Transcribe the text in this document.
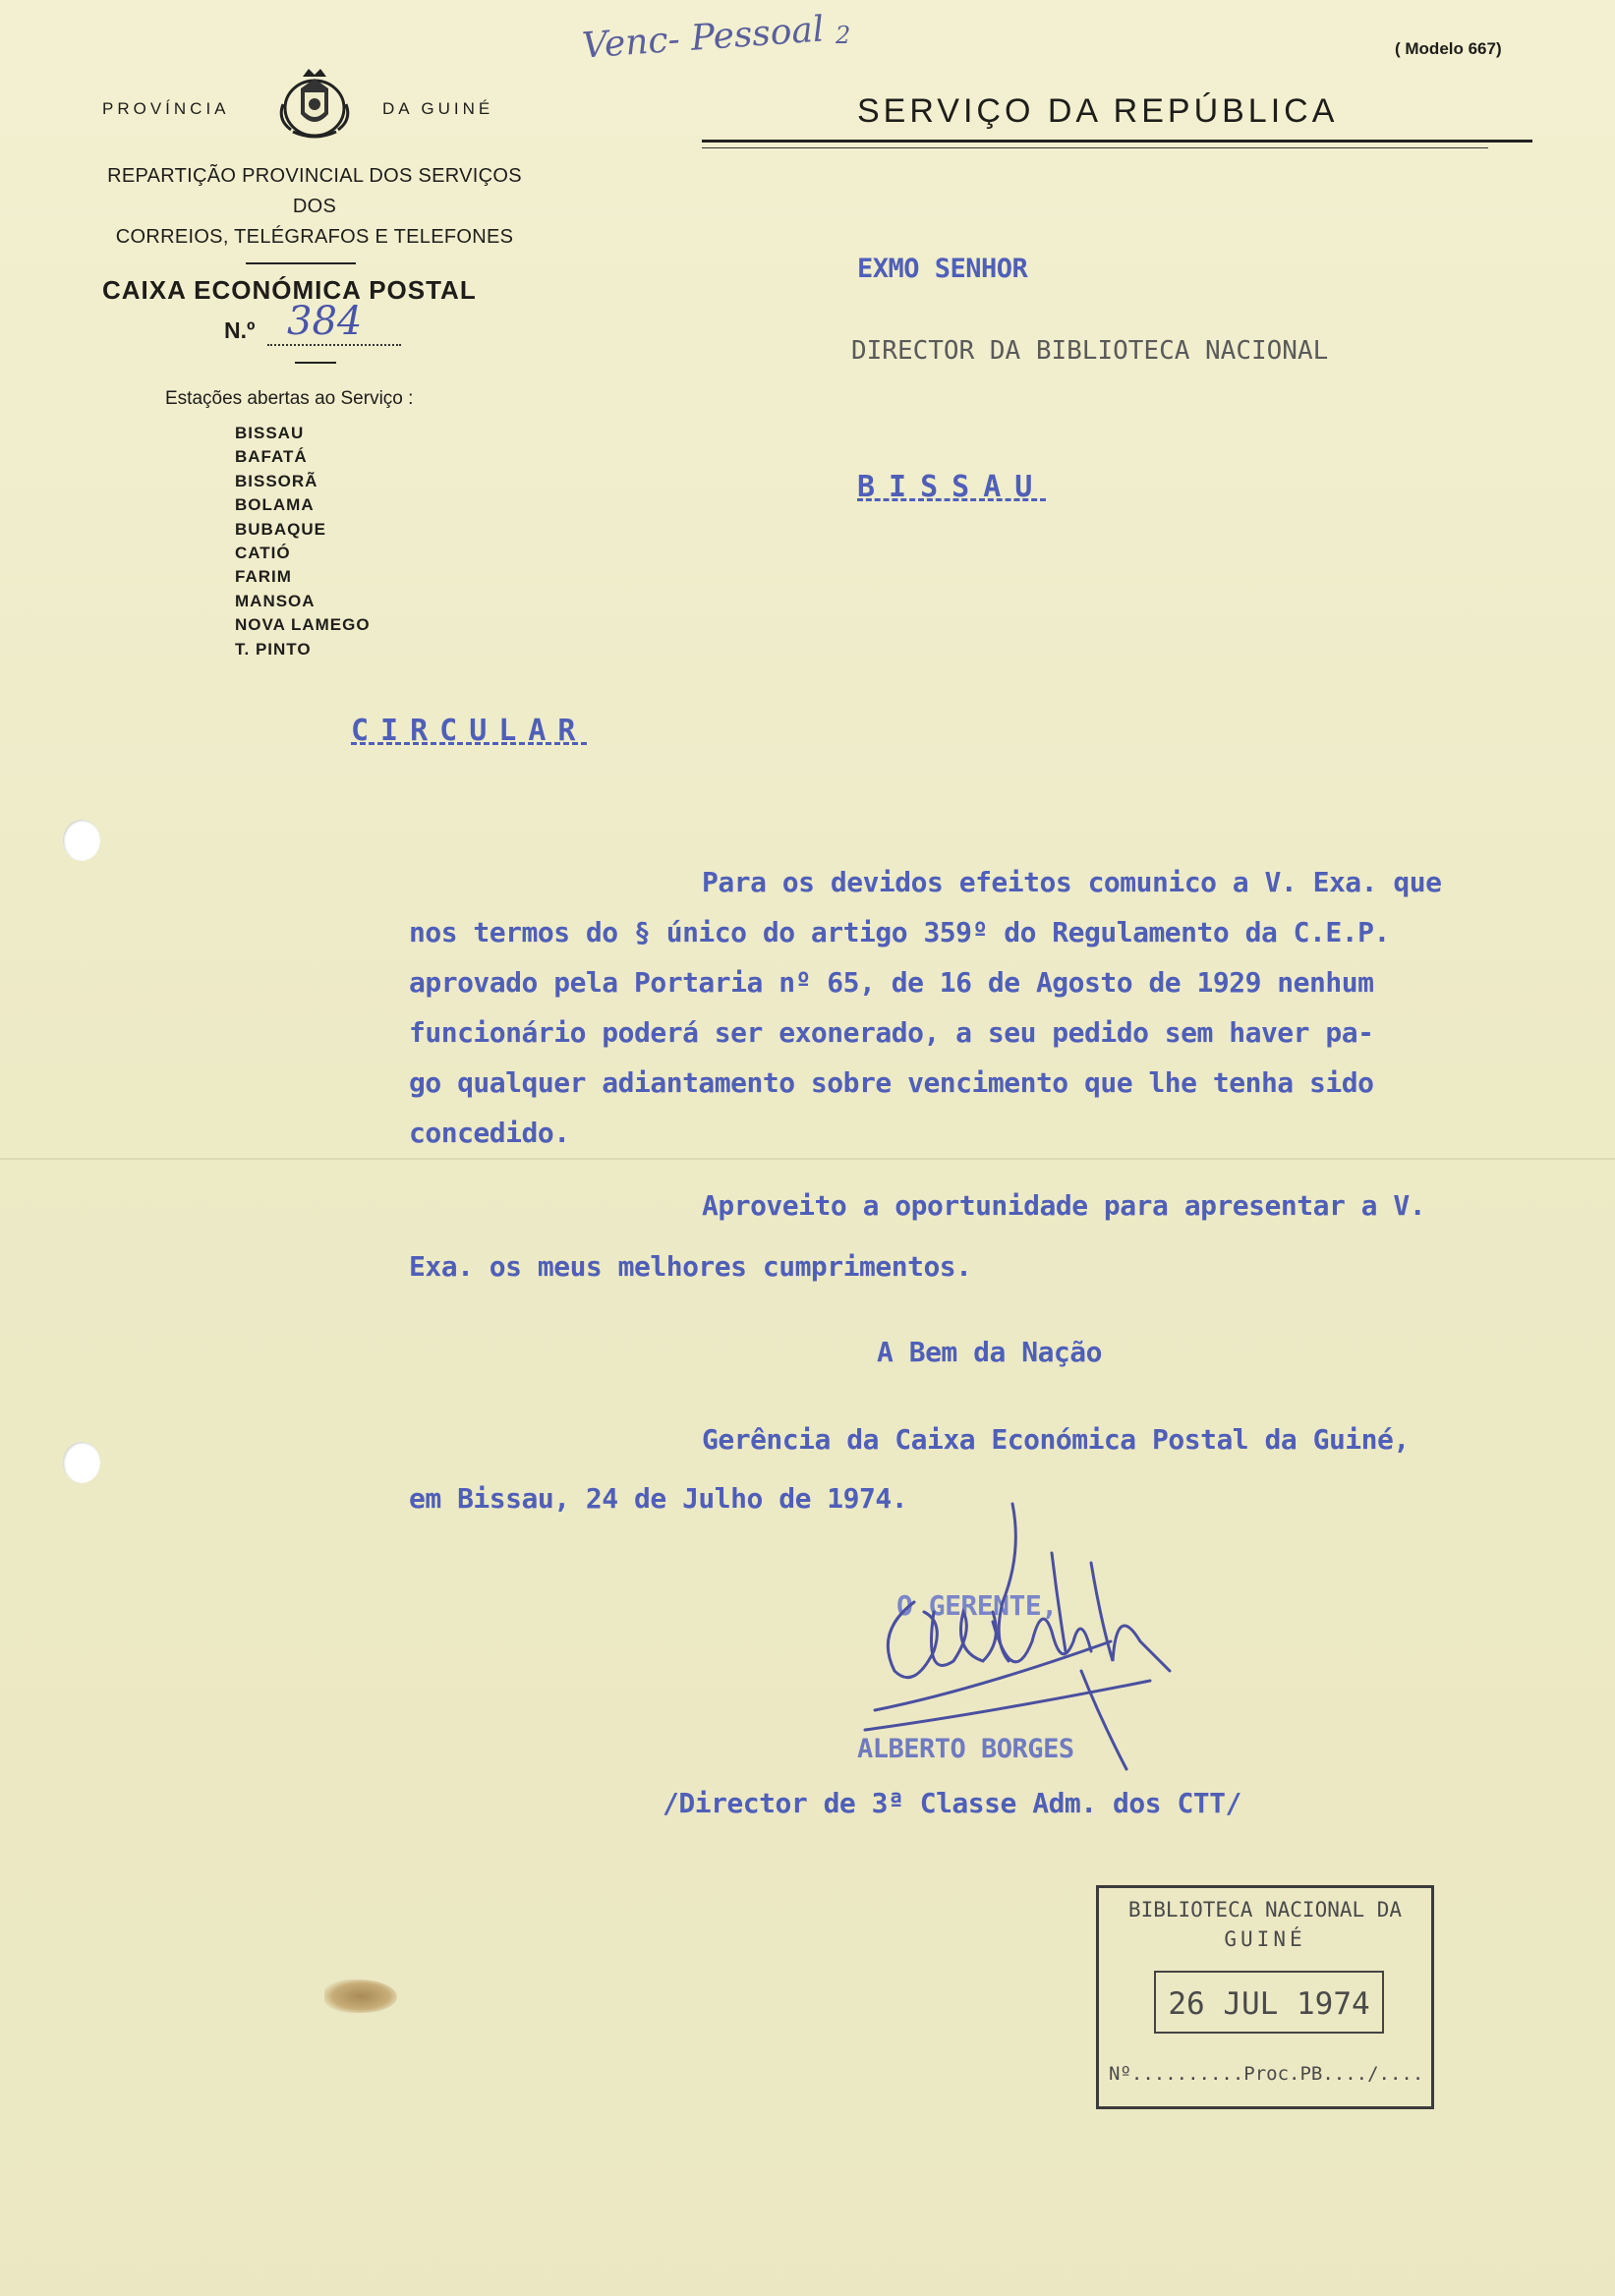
Venc- Pessoal 2	( Modelo 667)
PROVÍNCIA	DA GUINÉ
REPARTIÇÃO PROVINCIAL DOS SERVIÇOS
DOS
CORREIOS, TELÉGRAFOS E TELEFONES
CAIXA ECONÓMICA POSTAL
N.º 384
Estações abertas ao Serviço :
BISSAU
BAFATÁ
BISSORÃ
BOLAMA
BUBAQUE
CATIÓ
FARIM
MANSOA
NOVA LAMEGO
T. PINTO
SERVIÇO DA REPÚBLICA
EXMO SENHOR
DIRECTOR DA BIBLIOTECA NACIONAL
BISSAU
CIRCULAR
Para os devidos efeitos comunico a V. Exa. que
nos termos do § único do artigo 359º do Regulamento da C.E.P.
aprovado pela Portaria nº 65, de 16 de Agosto de 1929 nenhum
funcionário poderá ser exonerado, a seu pedido sem haver pa-
go qualquer adiantamento sobre vencimento que lhe tenha sido
concedido.
Aproveito a oportunidade para apresentar a V.
Exa. os meus melhores cumprimentos.
A Bem da Nação
Gerência da Caixa Económica Postal da Guiné,
em Bissau, 24 de Julho de 1974.
O GERENTE,
ALBERTO BORGES
/Director de 3ª Classe Adm. dos CTT/
BIBLIOTECA NACIONAL DA
GUINÉ
26 JUL 1974
Nº..........Proc.PB..../....
